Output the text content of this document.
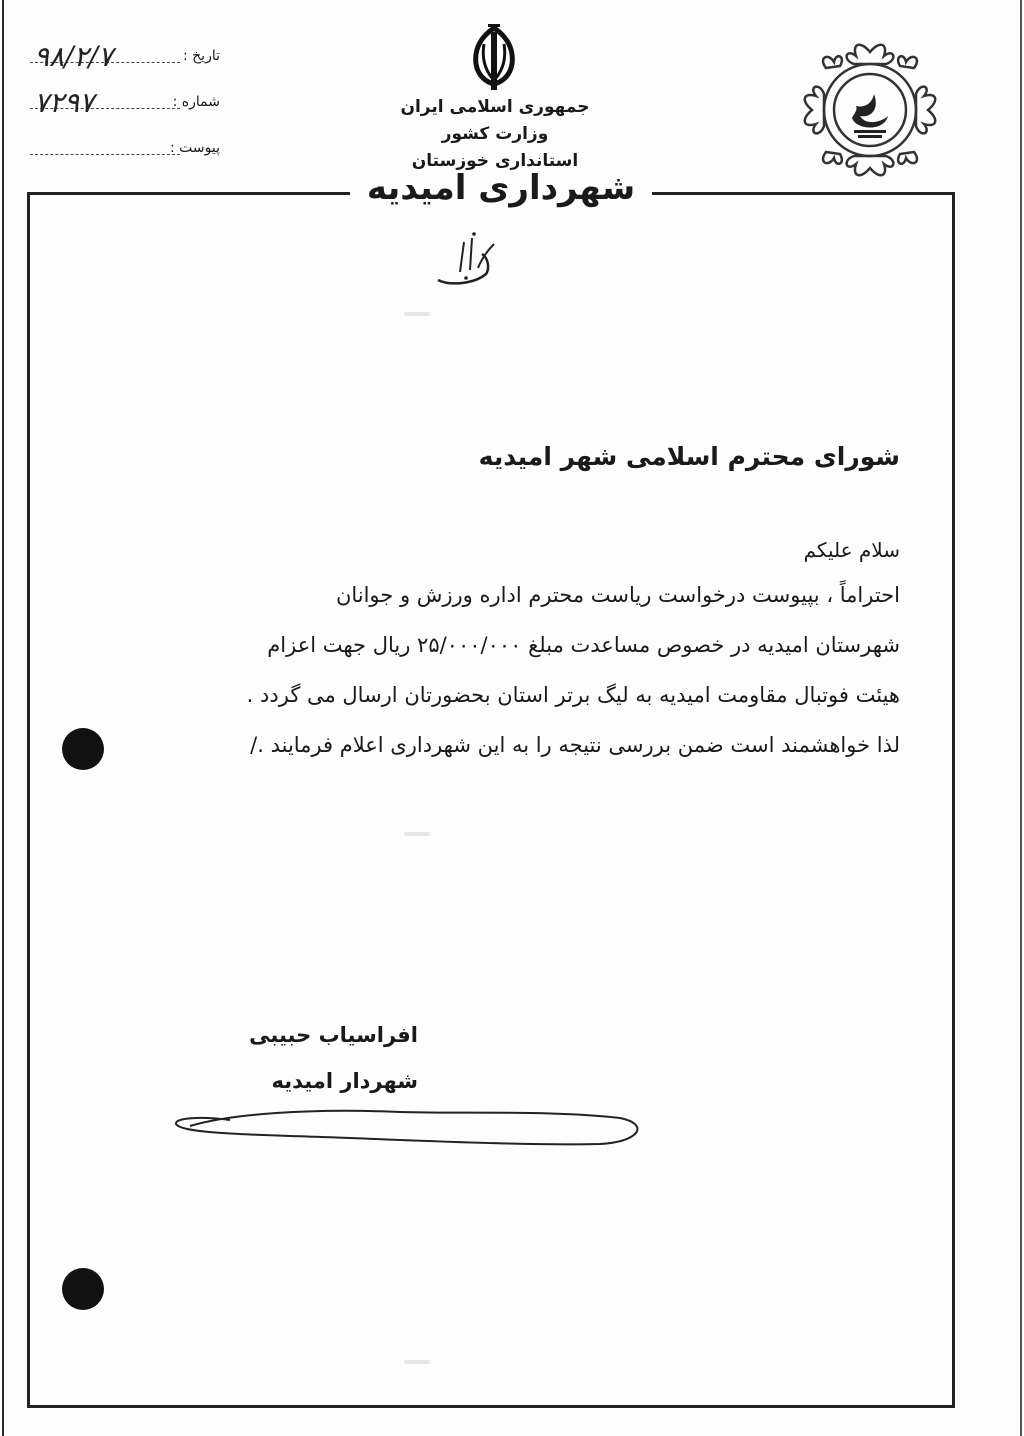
تاریخ :
۹۸/۲/۷
شماره :
۷۲۹۷
پیوست :
جمهوری اسلامی ایران
وزارت کشور
استانداری خوزستان
شهرداری امیدیه
شورای محترم اسلامی شهر امیدیه
سلام علیکم

احتراماً ، بپیوست درخواست ریاست محترم اداره ورزش و جوانان

شهرستان امیدیه در خصوص مساعدت مبلغ ۲۵/۰۰۰/۰۰۰ ریال جهت اعزام

هیئت فوتبال مقاومت امیدیه به لیگ برتر استان بحضورتان ارسال می گردد .

لذا خواهشمند است ضمن بررسی نتیجه را به این شهرداری اعلام فرمایند ./

افراسیاب حبیبی
شهردار امیدیه
